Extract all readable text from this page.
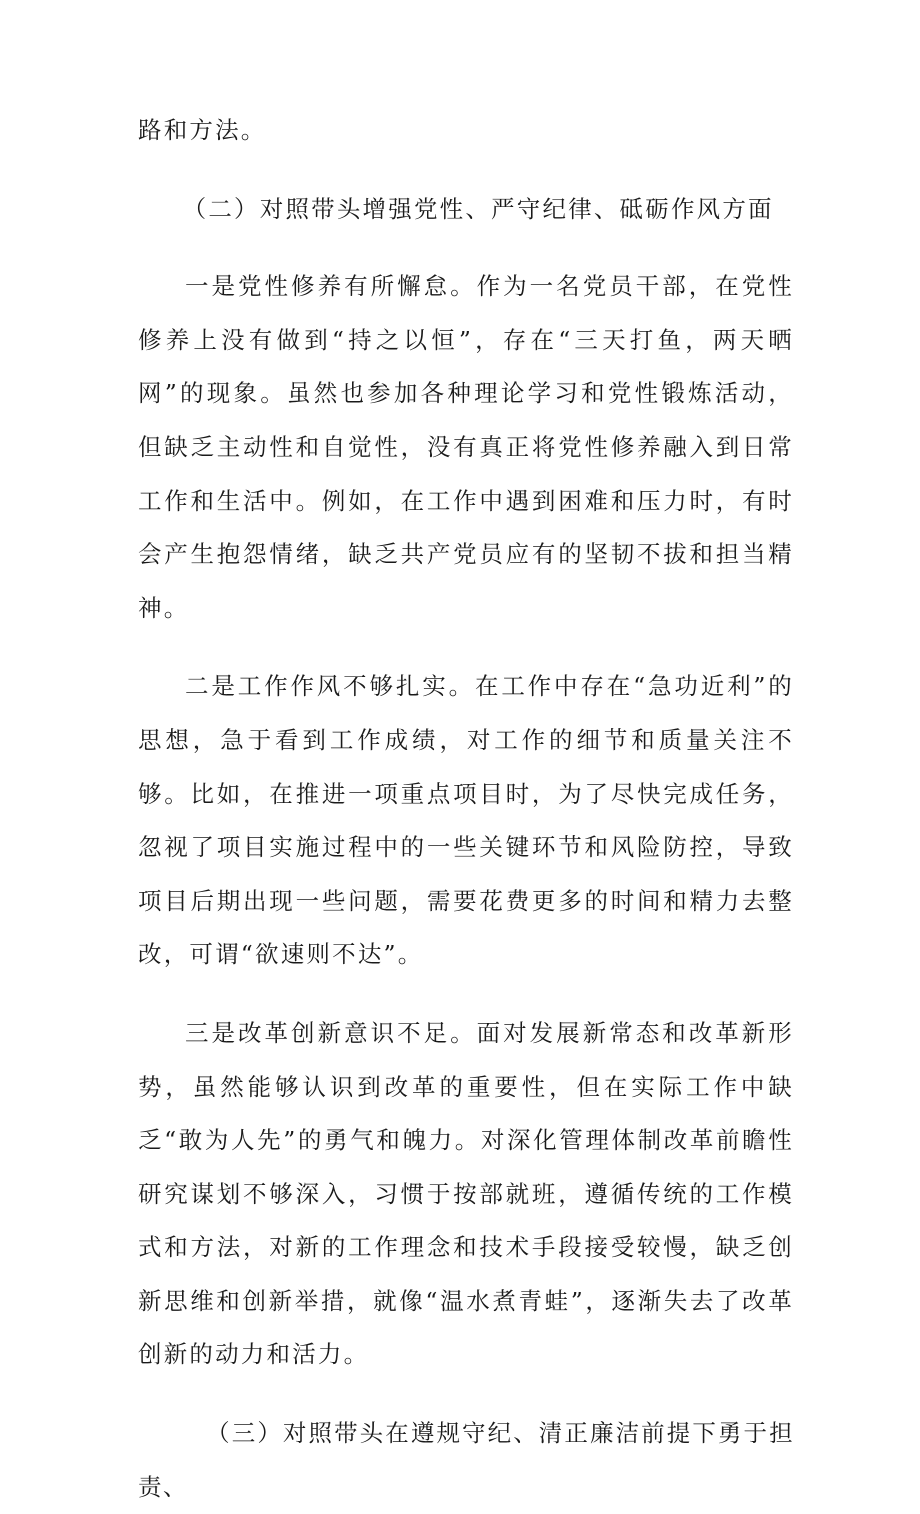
路和方法。

（二）对照带头增强党性、严守纪律、砥砺作风方面

一是党性修养有所懈怠。作为一名党员干部，在党性修养上没有做到“持之以恒”，存在“三天打鱼，两天晒网”的现象。虽然也参加各种理论学习和党性锻炼活动，但缺乏主动性和自觉性，没有真正将党性修养融入到日常工作和生活中。例如，在工作中遇到困难和压力时，有时会产生抱怨情绪，缺乏共产党员应有的坚韧不拔和担当精神。

二是工作作风不够扎实。在工作中存在“急功近利”的思想，急于看到工作成绩，对工作的细节和质量关注不够。比如，在推进一项重点项目时，为了尽快完成任务，忽视了项目实施过程中的一些关键环节和风险防控，导致项目后期出现一些问题，需要花费更多的时间和精力去整改，可谓“欲速则不达”。

三是改革创新意识不足。面对发展新常态和改革新形势，虽然能够认识到改革的重要性，但在实际工作中缺乏“敢为人先”的勇气和魄力。对深化管理体制改革前瞻性研究谋划不够深入，习惯于按部就班，遵循传统的工作模式和方法，对新的工作理念和技术手段接受较慢，缺乏创新思维和创新举措，就像“温水煮青蛙”，逐渐失去了改革创新的动力和活力。

（三）对照带头在遵规守纪、清正廉洁前提下勇于担责、
